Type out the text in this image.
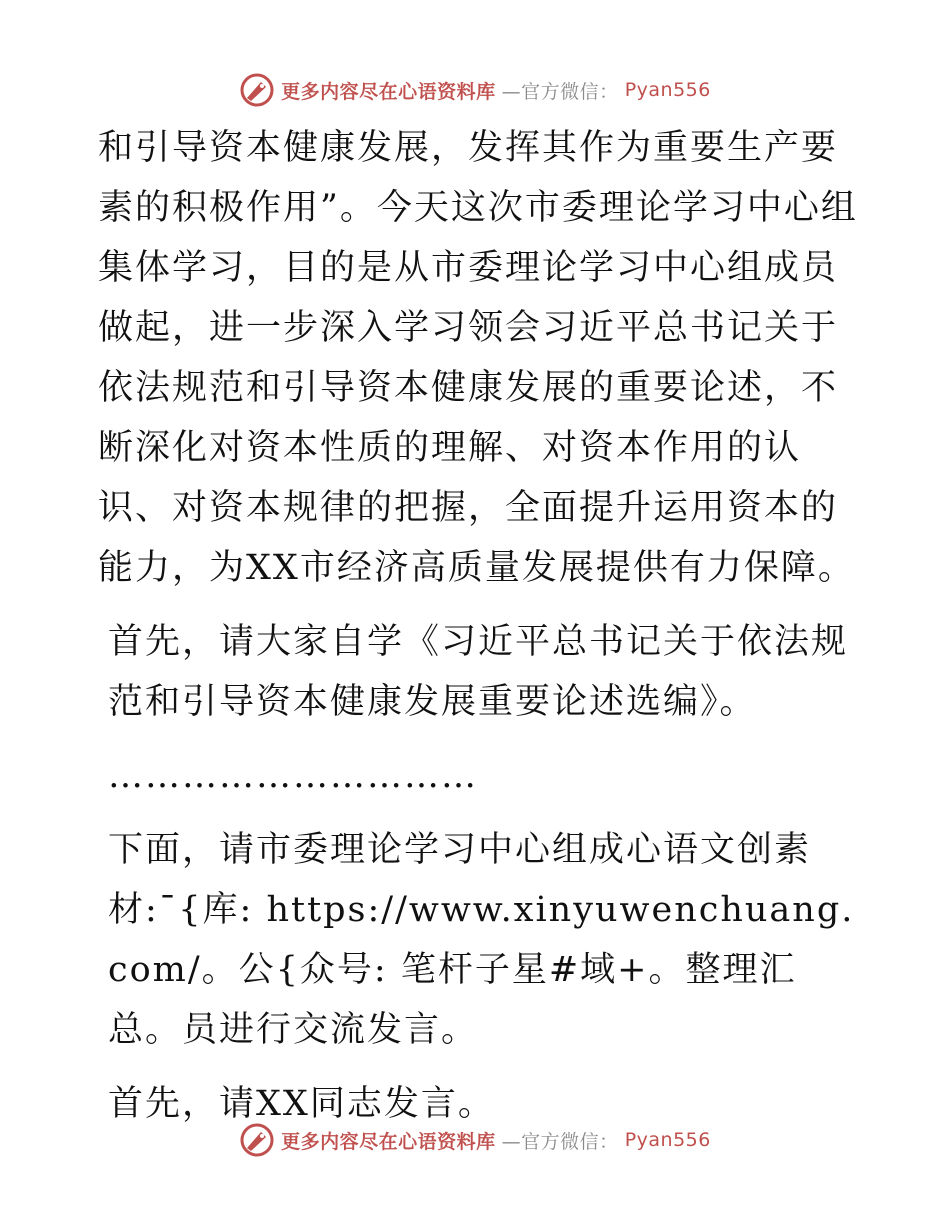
更多内容尽在心语资料库 —官方微信： Pyan556

和引导资本健康发展，发挥其作为重要生产要素的积极作用”。今天这次市委理论学习中心组集体学习，目的是从市委理论学习中心组成员做起，进一步深入学习领会习近平总书记关于依法规范和引导资本健康发展的重要论述，不断深化对资本性质的理解、对资本作用的认识、对资本规律的把握，全面提升运用资本的能力，为XX市经济高质量发展提供有力保障。

首先，请大家自学《习近平总书记关于依法规范和引导资本健康发展重要论述选编》。

…………………………

下面，请市委理论学习中心组成心语文创素材:¯{库: https://www.xinyuwenchuang.com/。公{众号: 笔杆子星#域+。整理汇总。员进行交流发言。

首先，请XX同志发言。

更多内容尽在心语资料库 —官方微信： Pyan556
